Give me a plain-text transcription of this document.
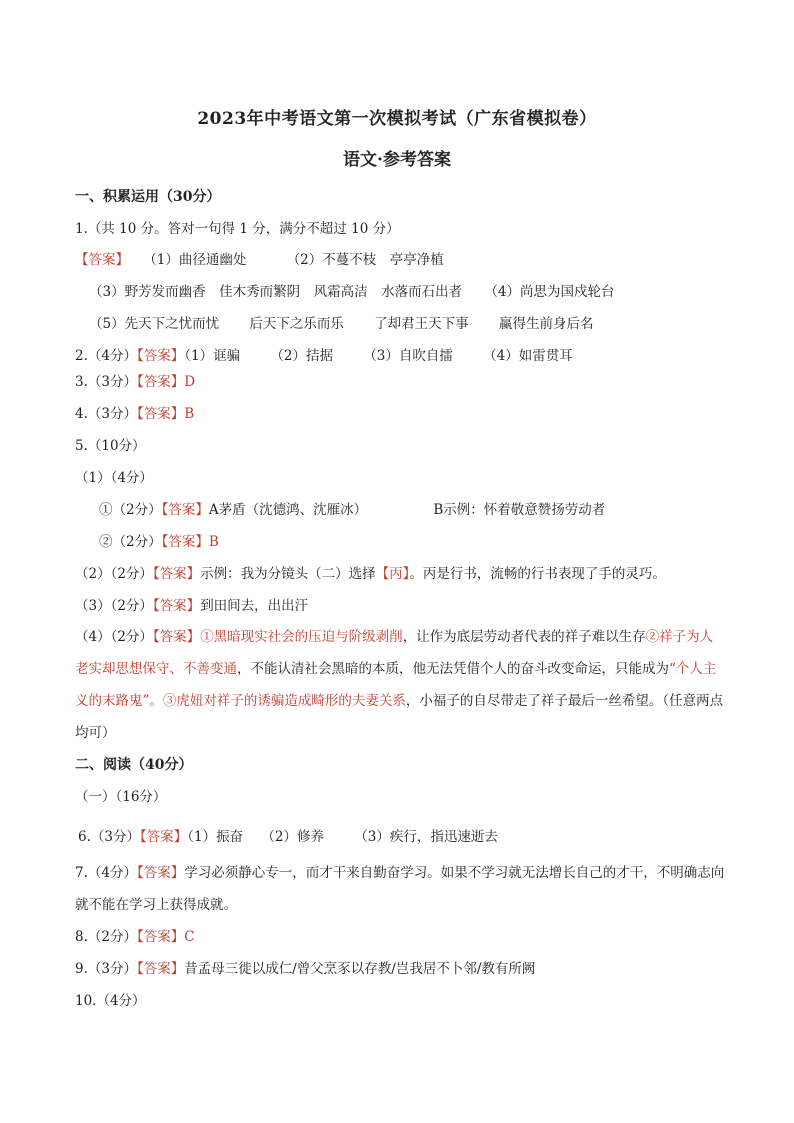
2023年中考语文第一次模拟考试（广东省模拟卷）
语文·参考答案
一、积累运用（30分）
1.（共 10 分。答对一句得 1 分，满分不超过 10 分）
【答案】 （1）曲径通幽处	（2）不蔓不枝　亭亭净植
（3）野芳发而幽香　佳木秀而繁阴　风霜高洁　水落而石出者 （4）尚思为国戍轮台
（5）先天下之忧而忧 后天下之乐而乐 了却君王天下事 赢得生前身后名
2.（4分）【答案】（1）诓骗 （2）拮据 （3）自吹自擂 （4）如雷贯耳
3.（3分）【答案】D
4.（3分）【答案】B
5.（10分）
（1）（4分）
①（2分）【答案】A茅盾（沈德鸿、沈雁冰）	B示例：怀着敬意赞扬劳动者
②（2分）【答案】B
（2）（2分）【答案】示例：我为分镜头（二）选择【丙】。丙是行书，流畅的行书表现了手的灵巧。
（3）（2分）【答案】到田间去，出出汗
（4）（2分）【答案】①黑暗现实社会的压迫与阶级剥削，让作为底层劳动者代表的祥子难以生存②祥子为人老实却思想保守、不善变通，不能认清社会黑暗的本质，他无法凭借个人的奋斗改变命运，只能成为“个人主义的末路鬼”。③虎妞对祥子的诱骗造成畸形的夫妻关系，小福子的自尽带走了祥子最后一丝希望。（任意两点均可）
二、阅读（40分）
（一）（16分）
6.（3分）【答案】（1）振奋 （2）修养 （3）疾行，指迅速逝去
7.（4分）【答案】学习必须静心专一，而才干来自勤奋学习。如果不学习就无法增长自己的才干，不明确志向就不能在学习上获得成就。
8.（2分）【答案】C
9.（3分）【答案】昔孟母三徙以成仁/曾父烹豕以存教/岂我居不卜邻/教有所阙
10.（4分）
